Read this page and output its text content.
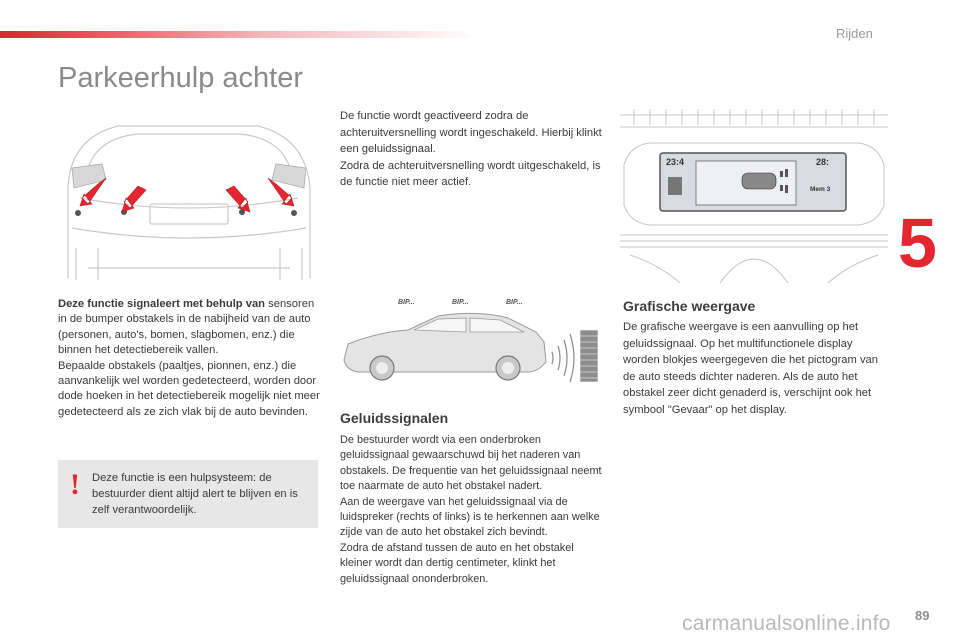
Rijden
5
Parkeerhulp achter
Deze functie signaleert met behulp van sensoren in de bumper obstakels in de nabijheid van de auto (personen, auto's, bomen, slagbomen, enz.) die binnen het detectiebereik vallen.
Bepaalde obstakels (paaltjes, pionnen, enz.) die aanvankelijk wel worden gedetecteerd, worden door dode hoeken in het detectiebereik mogelijk niet meer gedetecteerd als ze zich vlak bij de auto bevinden.
! Deze functie is een hulpsysteem: de bestuurder dient altijd alert te blijven en is zelf verantwoordelijk.
De functie wordt geactiveerd zodra de achteruitversnelling wordt ingeschakeld. Hierbij klinkt een geluidssignaal.
Zodra de achteruitversnelling wordt uitgeschakeld, is de functie niet meer actief.
BIP...	BIP...	BIP...
Geluidssignalen
De bestuurder wordt via een onderbroken geluidssignaal gewaarschuwd bij het naderen van obstakels. De frequentie van het geluidssignaal neemt toe naarmate de auto het obstakel nadert.
Aan de weergave van het geluidssignaal via de luidspreker (rechts of links) is te herkennen aan welke zijde van de auto het obstakel zich bevindt.
Zodra de afstand tussen de auto en het obstakel kleiner wordt dan dertig centimeter, klinkt het geluidssignaal ononderbroken.
23:4	28:
Mem 3
Grafische weergave
De grafische weergave is een aanvulling op het geluidssignaal. Op het multifunctionele display worden blokjes weergegeven die het pictogram van de auto steeds dichter naderen. Als de auto het obstakel zeer dicht genaderd is, verschijnt ook het symbool "Gevaar" op het display.
89
carmanualsonline.info
